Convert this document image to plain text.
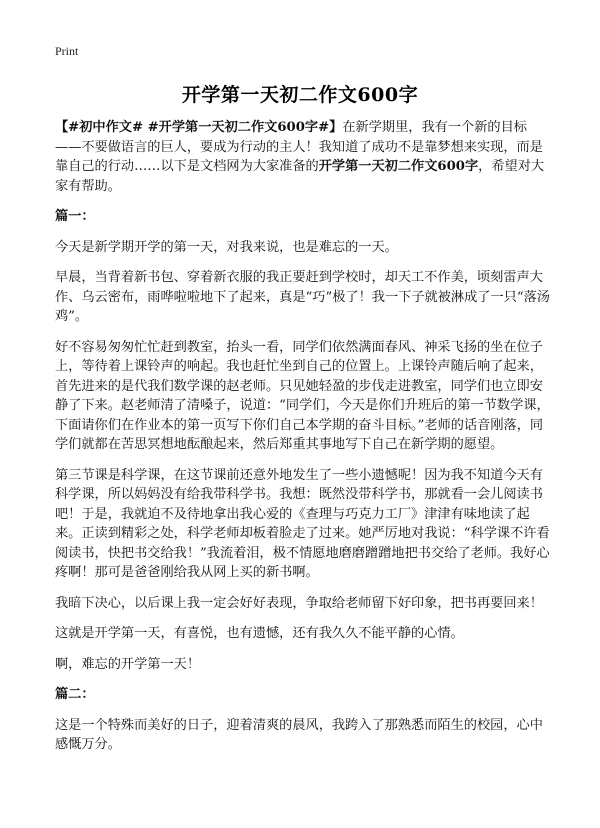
Print
开学第一天初二作文600字

【#初中作文# #开学第一天初二作文600字#】在新学期里，我有一个新的目标——不要做语言的巨人，要成为行动的主人！我知道了成功不是靠梦想来实现，而是靠自己的行动……以下是文档网为大家准备的开学第一天初二作文600字，希望对大家有帮助。

篇一：

今天是新学期开学的第一天，对我来说，也是难忘的一天。

早晨，当背着新书包、穿着新衣服的我正要赶到学校时，却天工不作美，顷刻雷声大作、乌云密布，雨哗啦啦地下了起来，真是“巧”极了！我一下子就被淋成了一只“落汤鸡”。

好不容易匆匆忙忙赶到教室，抬头一看，同学们依然满面春风、神采飞扬的坐在位子上，等待着上课铃声的响起。我也赶忙坐到自己的位置上。上课铃声随后响了起来，首先进来的是代我们数学课的赵老师。只见她轻盈的步伐走进教室，同学们也立即安静了下来。赵老师清了清嗓子，说道：“同学们，今天是你们升班后的第一节数学课，下面请你们在作业本的第一页写下你们自己本学期的奋斗目标。”老师的话音刚落，同学们就都在苦思冥想地酝酿起来，然后郑重其事地写下自己在新学期的愿望。

第三节课是科学课，在这节课前还意外地发生了一些小遗憾呢！因为我不知道今天有科学课，所以妈妈没有给我带科学书。我想：既然没带科学书，那就看一会儿阅读书吧！于是，我就迫不及待地拿出我心爱的《查理与巧克力工厂》津津有味地读了起来。正读到精彩之处，科学老师却板着脸走了过来。她严厉地对我说：“科学课不许看阅读书，快把书交给我！”我流着泪，极不情愿地磨磨蹭蹭地把书交给了老师。我好心疼啊！那可是爸爸刚给我从网上买的新书啊。

我暗下决心，以后课上我一定会好好表现，争取给老师留下好印象，把书再要回来！

这就是开学第一天，有喜悦，也有遗憾，还有我久久不能平静的心情。

啊，难忘的开学第一天！

篇二：

这是一个特殊而美好的日子，迎着清爽的晨风，我跨入了那熟悉而陌生的校园，心中感慨万分。
